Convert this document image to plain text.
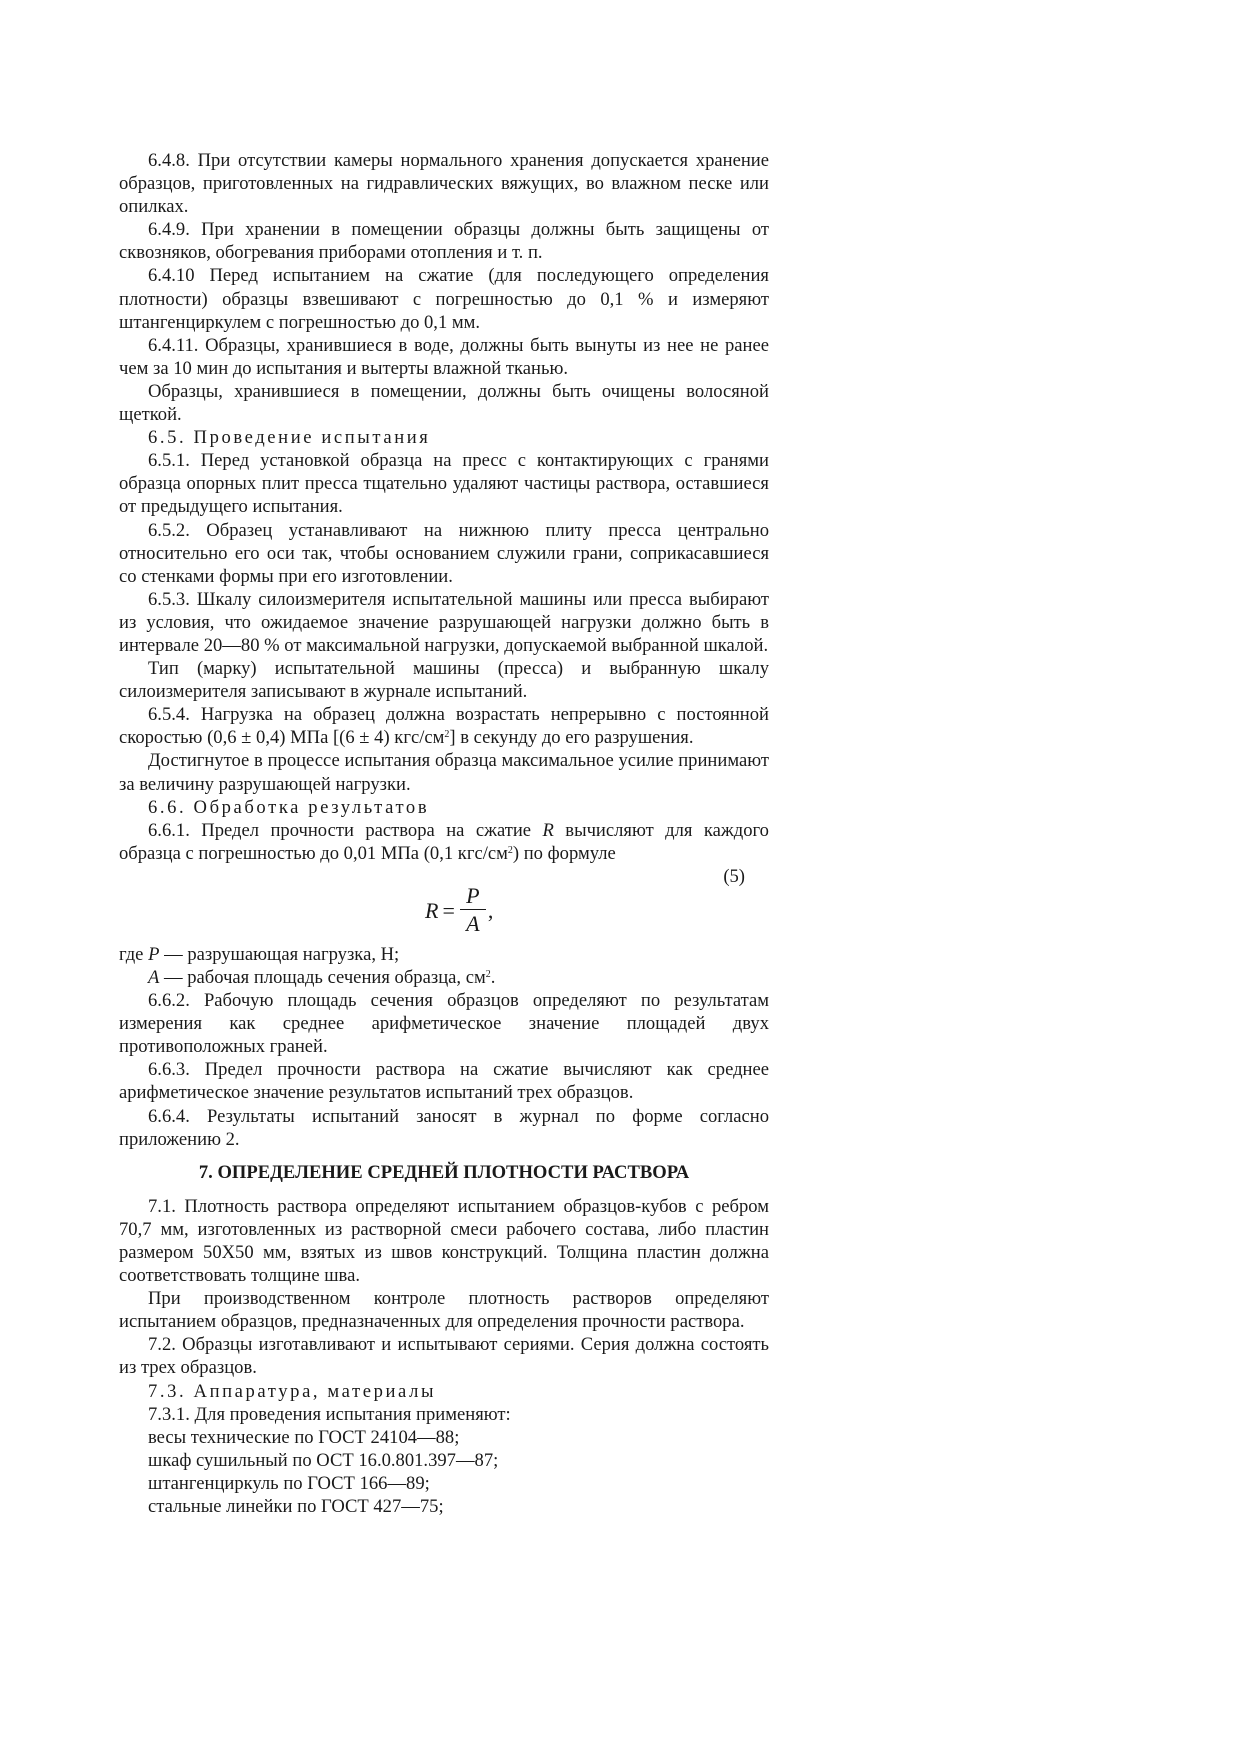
6.4.8. При отсутствии камеры нормального хранения допускается хранение образцов, приготовленных на гидравлических вяжущих, во влажном песке или опилках.

6.4.9. При хранении в помещении образцы должны быть защищены от сквозняков, обогревания приборами отопления и т. п.

6.4.10 Перед испытанием на сжатие (для последующего определения плотности) образцы взвешивают с погрешностью до 0,1 % и измеряют штангенциркулем с погрешностью до 0,1 мм.

6.4.11. Образцы, хранившиеся в воде, должны быть вынуты из нее не ранее чем за 10 мин до испытания и вытерты влажной тканью.

Образцы, хранившиеся в помещении, должны быть очищены волосяной щеткой.

6.5. Проведение испытания

6.5.1. Перед установкой образца на пресс с контактирующих с гранями образца опорных плит пресса тщательно удаляют частицы раствора, оставшиеся от предыдущего испытания.

6.5.2. Образец устанавливают на нижнюю плиту пресса центрально относительно его оси так, чтобы основанием служили грани, соприкасавшиеся со стенками формы при его изготовлении.

6.5.3. Шкалу силоизмерителя испытательной машины или пресса выбирают из условия, что ожидаемое значение разрушающей нагрузки должно быть в интервале 20—80 % от максимальной нагрузки, допускаемой выбранной шкалой.

Тип (марку) испытательной машины (пресса) и выбранную шкалу силоизмерителя записывают в журнале испытаний.

6.5.4. Нагрузка на образец должна возрастать непрерывно с постоянной скоростью (0,6 ± 0,4) МПа [(6 ± 4) кгс/$см^2$] в секунду до его разрушения.

Достигнутое в процессе испытания образца максимальное усилие принимают за величину разрушающей нагрузки.

6.6. Обработка результатов

6.6.1. Предел прочности раствора на сжатие R вычисляют для каждого образца с погрешностью до 0,01 МПа (0,1 кгс/$см^2$) по формуле

(5)
$R = \frac{P}{A}$ ,

где P — разрушающая нагрузка, Н;

A — рабочая площадь сечения образца, $см^2$.

6.6.2. Рабочую площадь сечения образцов определяют по результатам измерения как среднее арифметическое значение площадей двух противоположных граней.

6.6.3. Предел прочности раствора на сжатие вычисляют как среднее арифметическое значение результатов испытаний трех образцов.

6.6.4. Результаты испытаний заносят в журнал по форме согласно приложению 2.

7. ОПРЕДЕЛЕНИЕ СРЕДНЕЙ ПЛОТНОСТИ РАСТВОРА

7.1. Плотность раствора определяют испытанием образцов-кубов с ребром 70,7 мм, изготовленных из растворной смеси рабочего состава, либо пластин размером 50Х50 мм, взятых из швов конструкций. Толщина пластин должна соответствовать толщине шва.

При производственном контроле плотность растворов определяют испытанием образцов, предназначенных для определения прочности раствора.

7.2. Образцы изготавливают и испытывают сериями. Серия должна состоять из трех образцов.

7.3. Аппаратура, материалы

7.3.1. Для проведения испытания применяют:

весы технические по ГОСТ 24104—88;

шкаф сушильный по ОСТ 16.0.801.397—87;

штангенциркуль по ГОСТ 166—89;

стальные линейки по ГОСТ 427—75;
